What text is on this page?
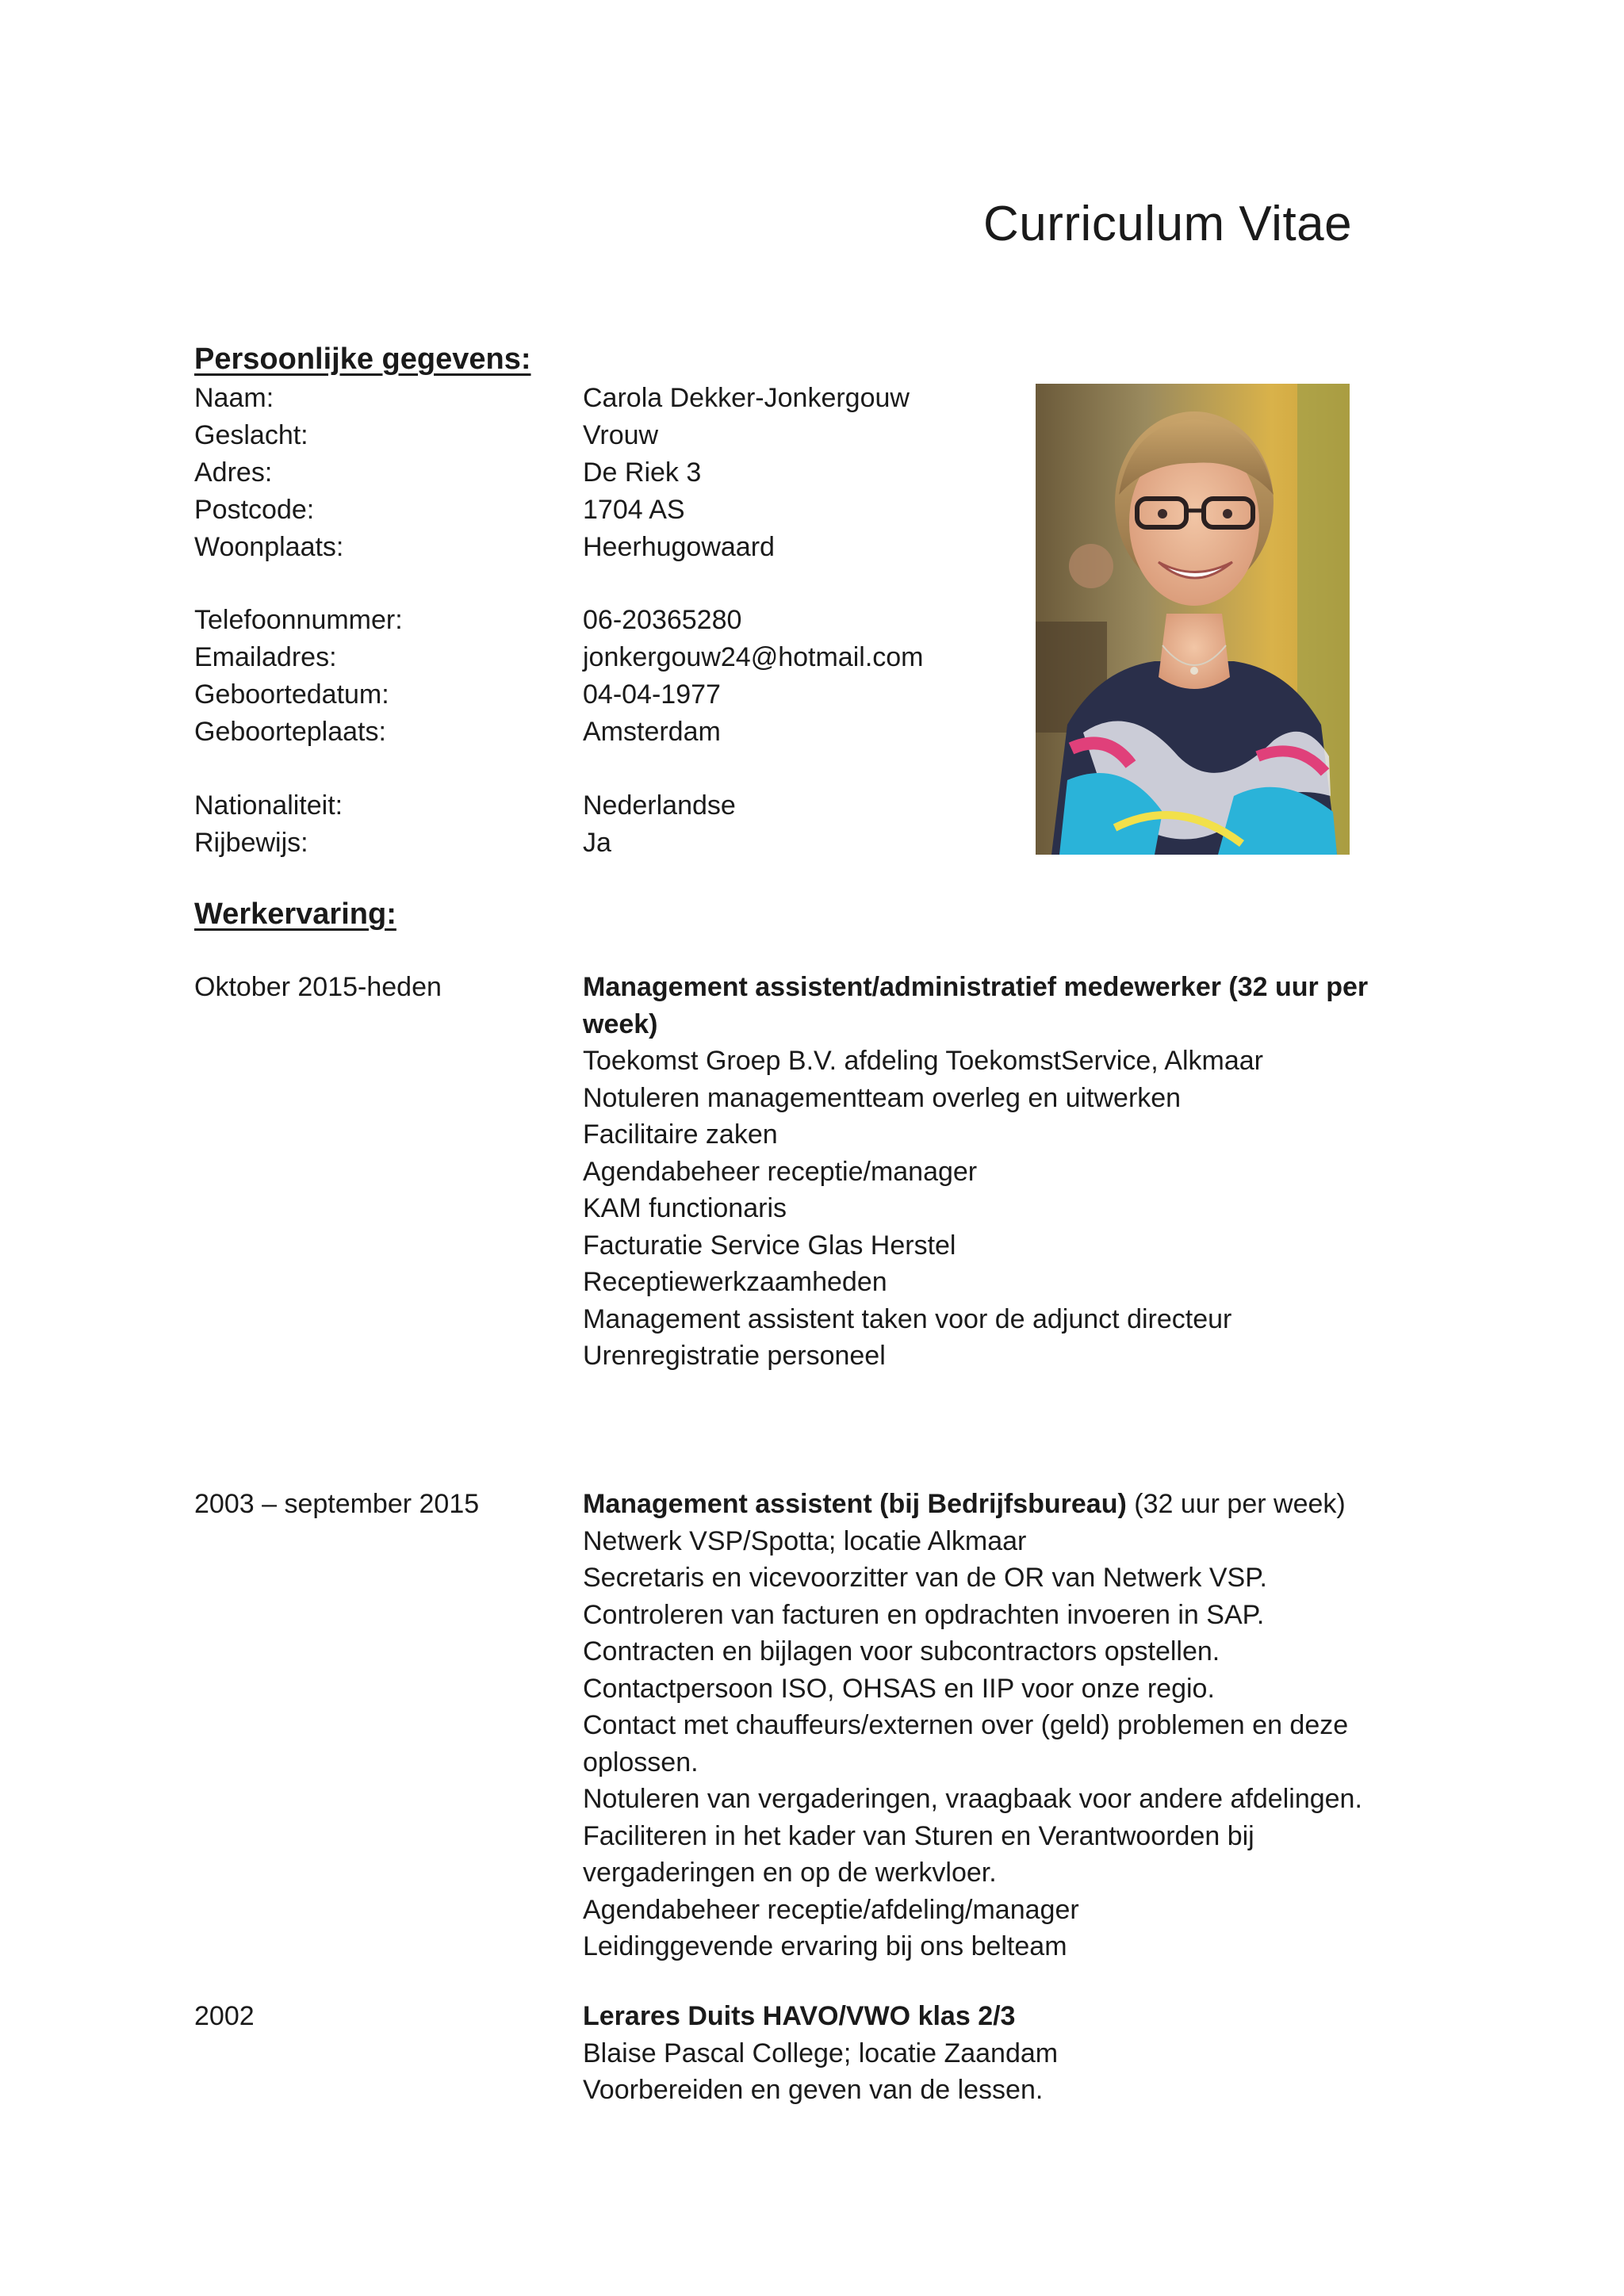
Curriculum Vitae
Persoonlijke gegevens:
Naam:	Carola Dekker-Jonkergouw
Geslacht:	Vrouw
Adres:	De Riek 3
Postcode:	1704 AS
Woonplaats:	Heerhugowaard
Telefoonnummer:	06-20365280
Emailadres:	jonkergouw24@hotmail.com
Geboortedatum:	04-04-1977
Geboorteplaats:	Amsterdam
Nationaliteit:	Nederlandse
Rijbewijs:	Ja
Werkervaring:
Oktober 2015-heden	Management assistent/administratief medewerker (32 uur per week)
Toekomst Groep B.V. afdeling ToekomstService, Alkmaar
Notuleren managementteam overleg en uitwerken
Facilitaire zaken
Agendabeheer receptie/manager
KAM functionaris
Facturatie Service Glas Herstel
Receptiewerkzaamheden
Management assistent taken voor de adjunct directeur
Urenregistratie personeel
2003 – september 2015	Management assistent (bij Bedrijfsbureau) (32 uur per week)
Netwerk VSP/Spotta; locatie Alkmaar
Secretaris en vicevoorzitter van de OR van Netwerk VSP.
Controleren van facturen en opdrachten invoeren in SAP.
Contracten en bijlagen voor subcontractors opstellen.
Contactpersoon ISO, OHSAS en IIP voor onze regio.
Contact met chauffeurs/externen over (geld) problemen en deze oplossen.
Notuleren van vergaderingen, vraagbaak voor andere afdelingen.
Faciliteren in het kader van Sturen en Verantwoorden bij vergaderingen en op de werkvloer.
Agendabeheer receptie/afdeling/manager
Leidinggevende ervaring bij ons belteam
2002	Lerares Duits HAVO/VWO klas 2/3
Blaise Pascal College; locatie Zaandam
Voorbereiden en geven van de lessen.
